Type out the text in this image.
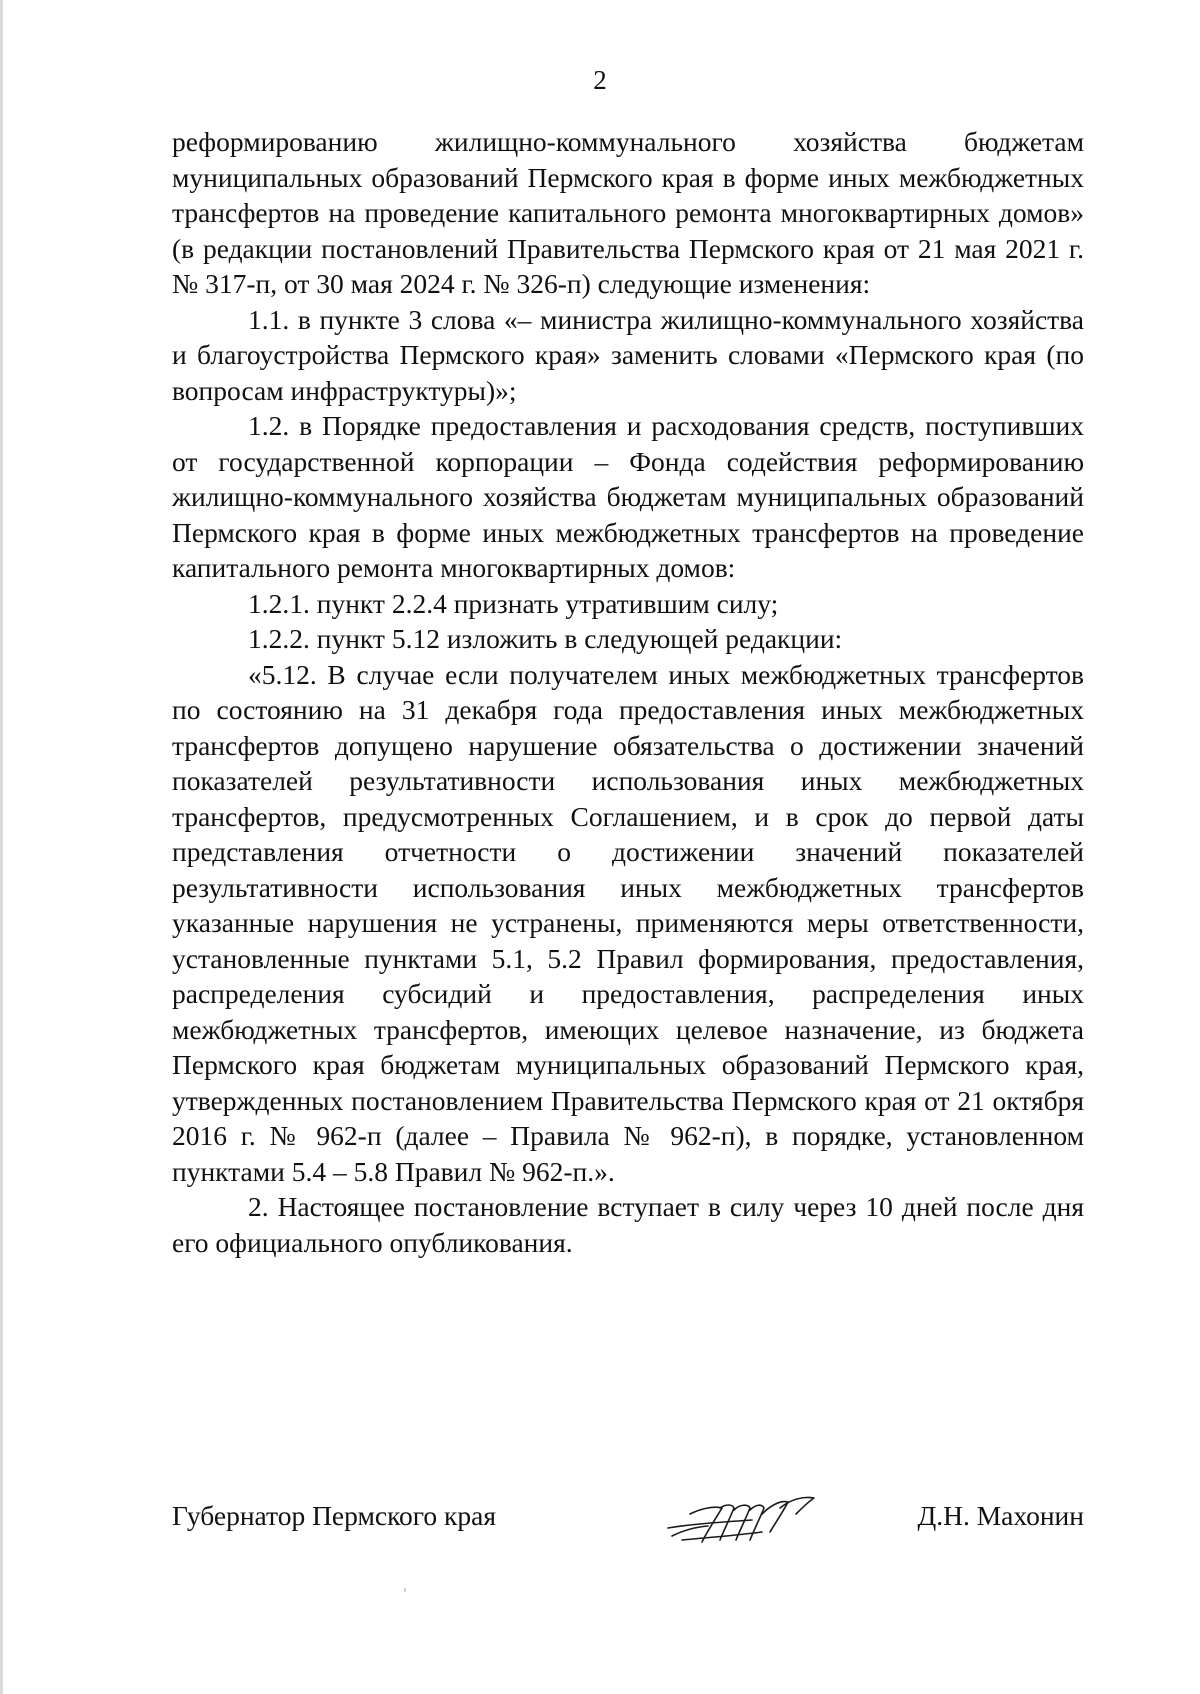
2

реформированию жилищно-коммунального хозяйства бюджетам муниципальных образований Пермского края в форме иных межбюджетных трансфертов на проведение капитального ремонта многоквартирных домов» (в редакции постановлений Правительства Пермского края от 21 мая 2021 г. № 317-п, от 30 мая 2024 г. № 326-п) следующие изменения:

1.1. в пункте 3 слова «– министра жилищно-коммунального хозяйства и благоустройства Пермского края» заменить словами «Пермского края (по вопросам инфраструктуры)»;

1.2. в Порядке предоставления и расходования средств, поступивших от государственной корпорации – Фонда содействия реформированию жилищно-коммунального хозяйства бюджетам муниципальных образований Пермского края в форме иных межбюджетных трансфертов на проведение капитального ремонта многоквартирных домов:

1.2.1. пункт 2.2.4 признать утратившим силу;

1.2.2. пункт 5.12 изложить в следующей редакции:

«5.12. В случае если получателем иных межбюджетных трансфертов по состоянию на 31 декабря года предоставления иных межбюджетных трансфертов допущено нарушение обязательства о достижении значений показателей результативности использования иных межбюджетных трансфертов, предусмотренных Соглашением, и в срок до первой даты представления отчетности о достижении значений показателей результативности использования иных межбюджетных трансфертов указанные нарушения не устранены, применяются меры ответственности, установленные пунктами 5.1, 5.2 Правил формирования, предоставления, распределения субсидий и предоставления, распределения иных межбюджетных трансфертов, имеющих целевое назначение, из бюджета Пермского края бюджетам муниципальных образований Пермского края, утвержденных постановлением Правительства Пермского края от 21 октября 2016 г. № 962-п (далее – Правила № 962-п), в порядке, установленном пунктами 5.4 – 5.8 Правил № 962-п.».

2. Настоящее постановление вступает в силу через 10 дней после дня его официального опубликования.

Губернатор Пермского края	Д.Н. Махонин
